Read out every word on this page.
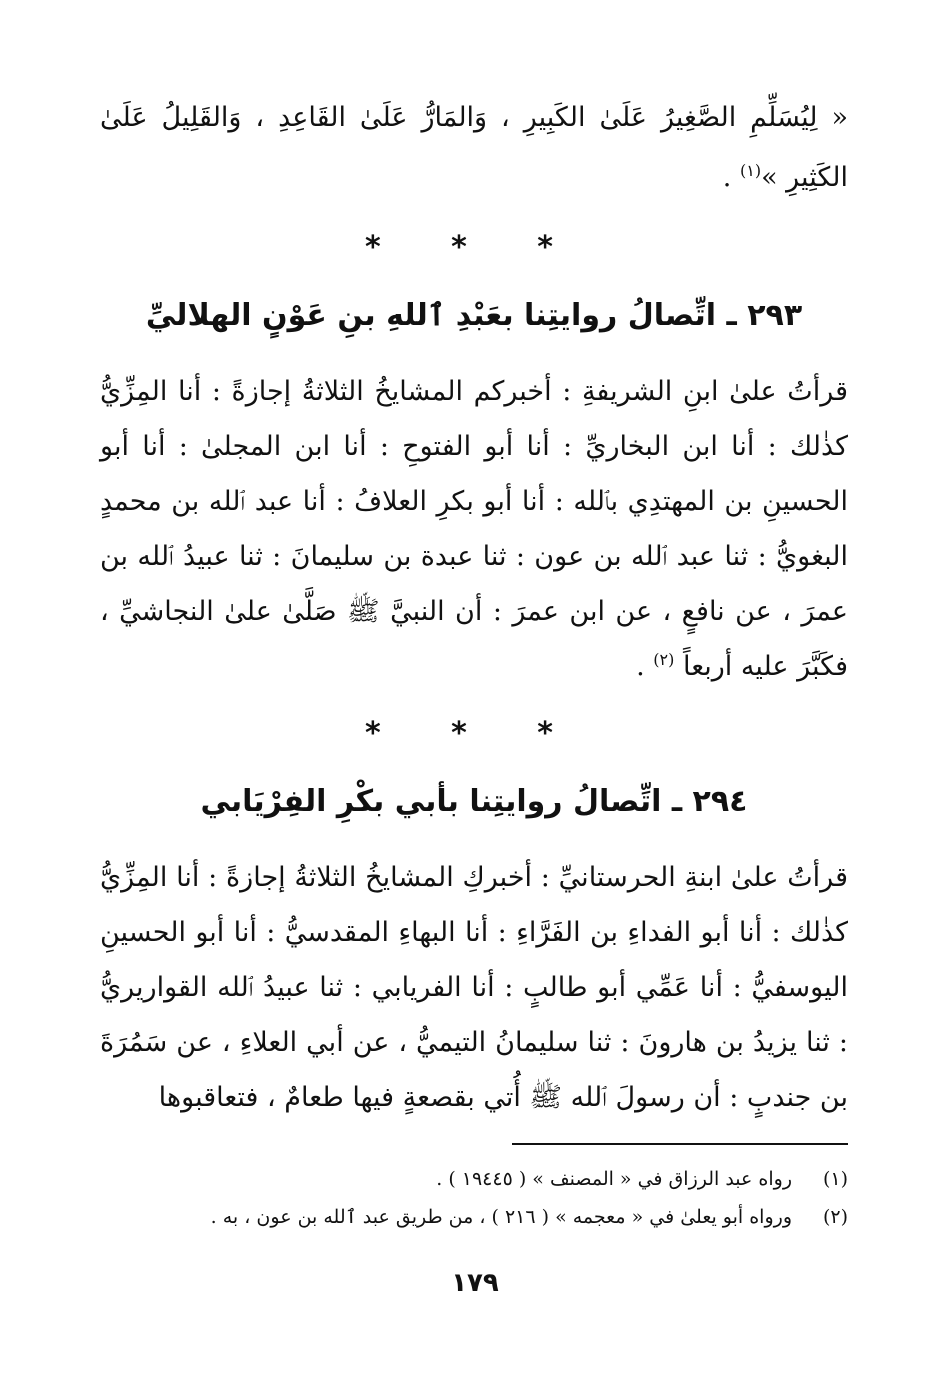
« لِيُسَلِّمِ الصَّغِيرُ عَلَىٰ الكَبِيرِ ، وَالمَارُّ عَلَىٰ القَاعِدِ ، وَالقَلِيلُ عَلَىٰ الكَثِيرِ »$^{(١)}$ .

* * *
٢٩٣ ـ اتِّصالُ روايتِنا بعَبْدِ ٱللهِ بنِ عَوْنٍ الهلاليِّ

قرأتُ علىٰ ابنِ الشريفةِ : أخبركم المشايخُ الثلاثةُ إجازةً : أنا المِزِّيُّ كذٰلك : أنا ابن البخاريِّ : أنا أبو الفتوحِ : أنا ابن المجلىٰ : أنا أبو الحسينِ بن المهتدِي بٱلله : أنا أبو بكرِ العلافُ : أنا عبد ٱلله بن محمدٍ البغويُّ : ثنا عبد ٱلله بن عون : ثنا عبدة بن سليمانَ : ثنا عبيدُ ٱلله بن عمرَ ، عن نافعٍ ، عن ابن عمرَ : أن النبيَّ ﷺ صَلَّىٰ علىٰ النجاشيِّ ، فكَبَّرَ عليه أربعاً $^{(٢)}$ .

* * *
٢٩٤ ـ اتِّصالُ روايتِنا بأبي بكْرِ الفِرْيَابي

قرأتُ علىٰ ابنةِ الحرستانيِّ : أخبركِ المشايخُ الثلاثةُ إجازةً : أنا المِزِّيُّ كذٰلك : أنا أبو الفداءِ بن الفَرَّاءِ : أنا البهاءِ المقدسيُّ : أنا أبو الحسينِ اليوسفيُّ : أنا عَمِّي أبو طالبٍ : أنا الفريابي : ثنا عبيدُ ٱلله القواريريُّ : ثنا يزيدُ بن هارونَ : ثنا سليمانُ التيميُّ ، عن أبي العلاءِ ، عن سَمُرَةَ بن جندبٍ : أن رسولَ ٱلله ﷺ أُتي بقصعةٍ فيها طعامٌ ، فتعاقبوها

(١)رواه عبد الرزاق في « المصنف » ( ١٩٤٤٥ ) .
(٢)ورواه أبو يعلىٰ في « معجمه » ( ٢١٦ ) ، من طريق عبد ٱلله بن عون ، به .
١٧٩
